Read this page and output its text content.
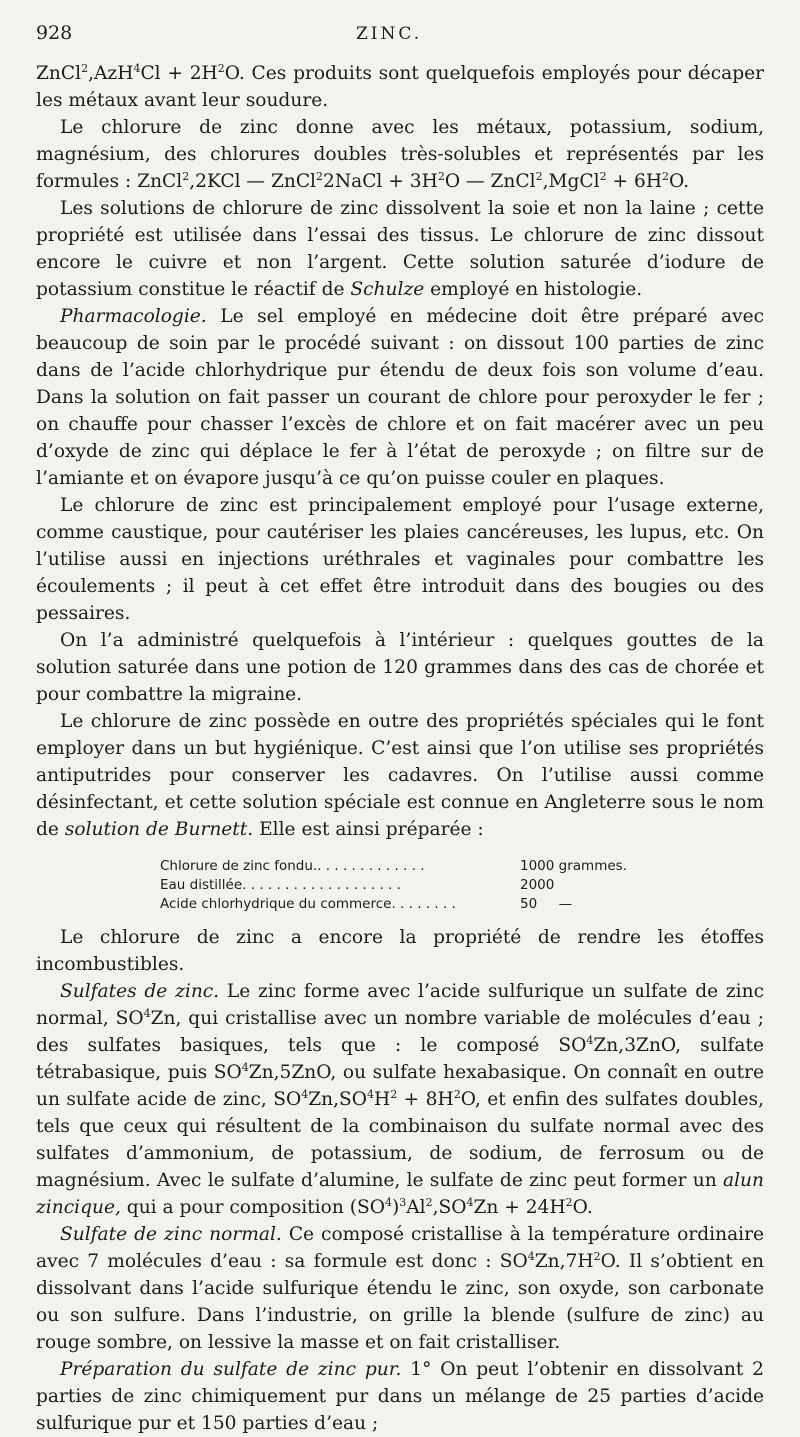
928	ZINC.

ZnCl$^2$,AzH$^4$Cl + $2H^2O$. Ces produits sont quelquefois employés pour décaper les métaux avant leur soudure.

Le chlorure de zinc donne avec les métaux, potassium, sodium, magnésium, des chlorures doubles très-solubles et représentés par les formules : ZnCl$^2$,2KCl — ZnCl$^2$2NaCl + $3H^2O$ — ZnCl$^2$,MgCl$^2$ + $6H^2O$.

Les solutions de chlorure de zinc dissolvent la soie et non la laine ; cette propriété est utilisée dans l’essai des tissus. Le chlorure de zinc dissout encore le cuivre et non l’argent. Cette solution saturée d’iodure de potassium constitue le réactif de Schulze employé en histologie.

Pharmacologie. Le sel employé en médecine doit être préparé avec beaucoup de soin par le procédé suivant : on dissout 100 parties de zinc dans de l’acide chlorhydrique pur étendu de deux fois son volume d’eau. Dans la solution on fait passer un courant de chlore pour peroxyder le fer ; on chauffe pour chasser l’excès de chlore et on fait macérer avec un peu d’oxyde de zinc qui déplace le fer à l’état de peroxyde ; on filtre sur de l’amiante et on évapore jusqu’à ce qu’on puisse couler en plaques.

Le chlorure de zinc est principalement employé pour l’usage externe, comme caustique, pour cautériser les plaies cancéreuses, les lupus, etc. On l’utilise aussi en injections uréthrales et vaginales pour combattre les écoulements ; il peut à cet effet être introduit dans des bougies ou des pessaires.

On l’a administré quelquefois à l’intérieur : quelques gouttes de la solution saturée dans une potion de 120 grammes dans des cas de chorée et pour combattre la migraine.

Le chlorure de zinc possède en outre des propriétés spéciales qui le font employer dans un but hygiénique. C’est ainsi que l’on utilise ses propriétés antiputrides pour conserver les cadavres. On l’utilise aussi comme désinfectant, et cette solution spéciale est connue en Angleterre sous le nom de solution de Burnett. Elle est ainsi préparée :

Chlorure de zinc fondu.. . . . . . . . . . . . .	1000 grammes.
Eau distillée. . . . . . . . . . . . . . . . . . .	2000
Acide chlorhydrique du commerce. . . . . . . .	50     —

Le chlorure de zinc a encore la propriété de rendre les étoffes incombustibles.

Sulfates de zinc. Le zinc forme avec l’acide sulfurique un sulfate de zinc normal, $SO^4Zn$, qui cristallise avec un nombre variable de molécules d’eau ; des sulfates basiques, tels que : le composé $SO^4Zn,3ZnO$, sulfate tétrabasique, puis $SO^4Zn,5ZnO$, ou sulfate hexabasique. On connaît en outre un sulfate acide de zinc, $SO^4Zn,SO^4H^2 + 8H^2O$, et enfin des sulfates doubles, tels que ceux qui résultent de la combinaison du sulfate normal avec des sulfates d’ammonium, de potassium, de sodium, de ferrosum ou de magnésium. Avec le sulfate d’alumine, le sulfate de zinc peut former un alun zincique, qui a pour composition $(SO^4)^3Al^2,SO^4Zn + 24H^2O$.

Sulfate de zinc normal. Ce composé cristallise à la température ordinaire avec 7 molécules d’eau : sa formule est donc : $SO^4Zn,7H^2O$. Il s’obtient en dissolvant dans l’acide sulfurique étendu le zinc, son oxyde, son carbonate ou son sulfure. Dans l’industrie, on grille la blende (sulfure de zinc) au rouge sombre, on lessive la masse et on fait cristalliser.

Préparation du sulfate de zinc pur. 1° On peut l’obtenir en dissolvant 2 parties de zinc chimiquement pur dans un mélange de 25 parties d’acide sulfurique pur et 150 parties d’eau ;
